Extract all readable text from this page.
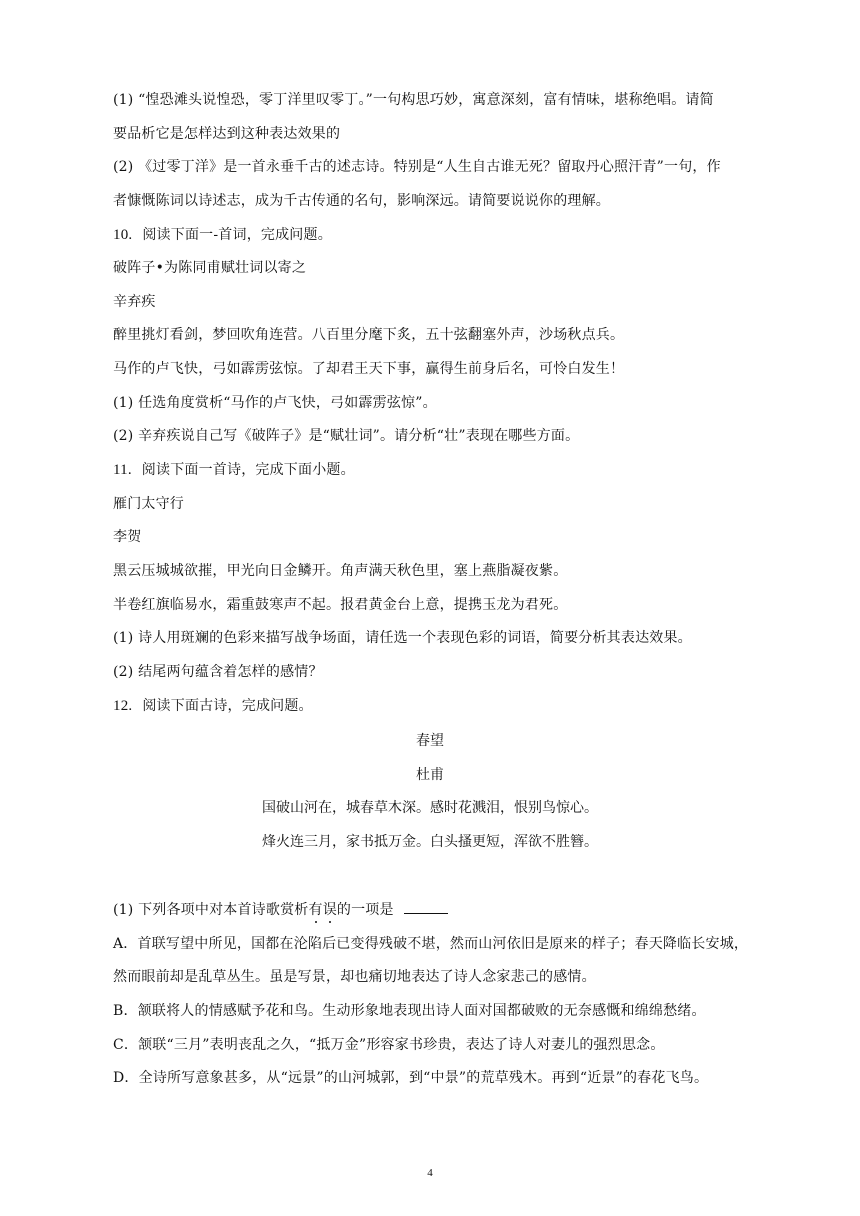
(1) “惶恐滩头说惶恐，零丁洋里叹零丁。”一句构思巧妙，寓意深刻，富有情味，堪称绝唱。请简
要品析它是怎样达到这种表达效果的
(2) 《过零丁洋》是一首永垂千古的述志诗。特别是“人生自古谁无死？留取丹心照汗青”一句，作
者慷慨陈词以诗述志，成为千古传通的名句，影响深远。请简要说说你的理解。
10. 阅读下面一-首词，完成问题。
破阵子•为陈同甫赋壮词以寄之
辛弃疾
醉里挑灯看剑，梦回吹角连营。八百里分麾下炙，五十弦翻塞外声，沙场秋点兵。
马作的卢飞快，弓如霹雳弦惊。了却君王天下事，赢得生前身后名，可怜白发生！
(1) 任选角度赏析“马作的卢飞快，弓如霹雳弦惊”。
(2) 辛弃疾说自己写《破阵子》是“赋壮词”。请分析“壮”表现在哪些方面。
11. 阅读下面一首诗，完成下面小题。
雁门太守行
李贺
黑云压城城欲摧，甲光向日金鳞开。角声满天秋色里，塞上燕脂凝夜紫。
半卷红旗临易水，霜重鼓寒声不起。报君黄金台上意，提携玉龙为君死。
(1) 诗人用斑斓的色彩来描写战争场面，请任选一个表现色彩的词语，简要分析其表达效果。
(2) 结尾两句蕴含着怎样的感情？
12. 阅读下面古诗，完成问题。
春望
杜甫
国破山河在，城春草木深。感时花溅泪，恨别鸟惊心。
烽火连三月，家书抵万金。白头搔更短，浑欲不胜簪。
(1) 下列各项中对本首诗歌赏析有误的一项是
A．首联写望中所见，国都在沦陷后已变得残破不堪，然而山河依旧是原来的样子；春天降临长安城，
然而眼前却是乱草丛生。虽是写景，却也痛切地表达了诗人念家悲己的感情。
B．颔联将人的情感赋予花和鸟。生动形象地表现出诗人面对国都破败的无奈感慨和绵绵愁绪。
C．颔联“三月”表明丧乱之久，“抵万金”形容家书珍贵，表达了诗人对妻儿的强烈思念。
D．全诗所写意象甚多，从“远景”的山河城郭，到“中景”的荒草残木。再到“近景”的春花飞鸟。
4
